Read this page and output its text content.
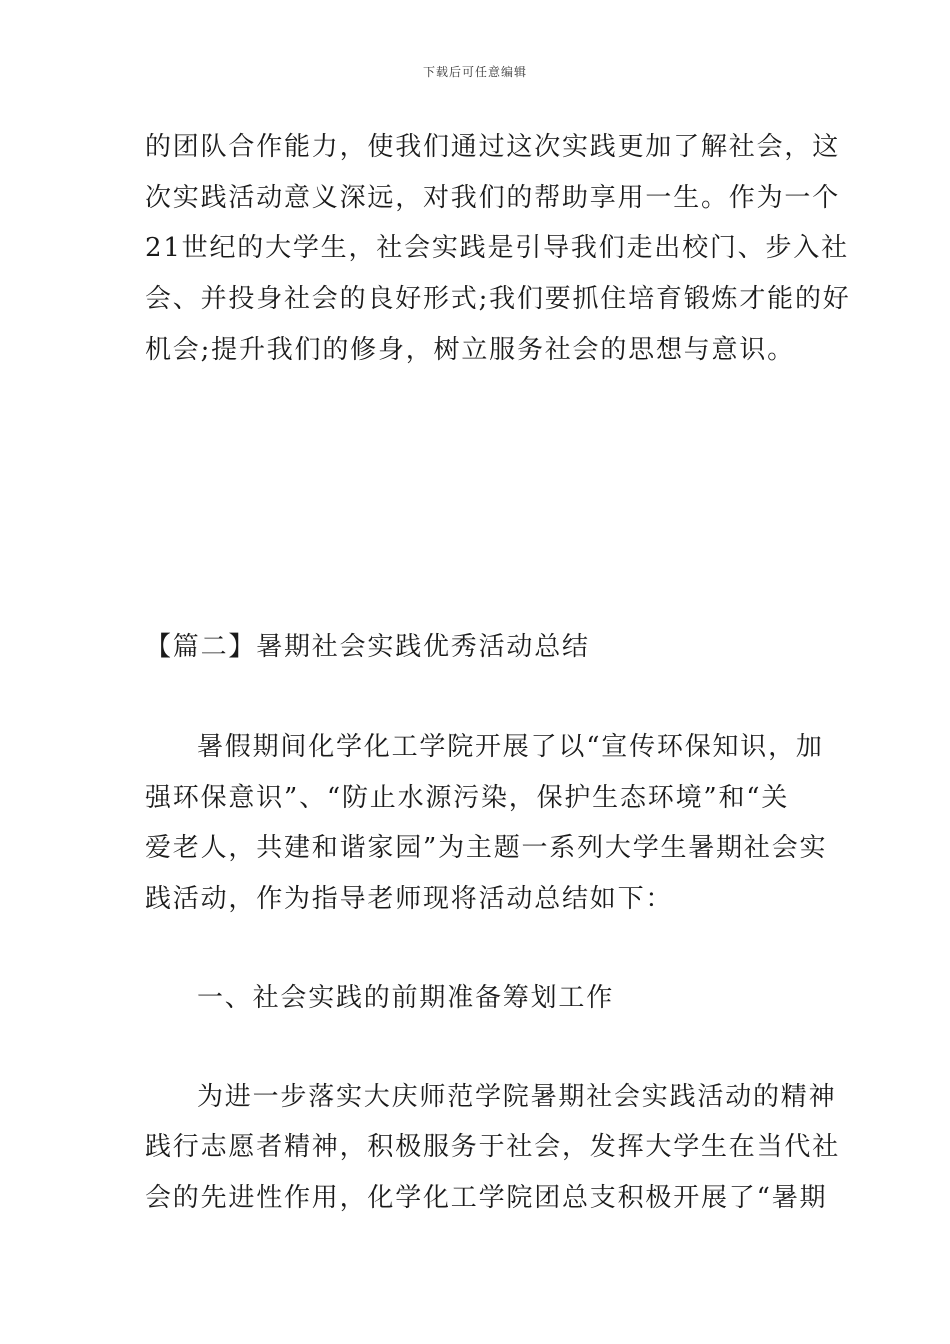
下载后可任意编辑
的团队合作能力，使我们通过这次实践更加了解社会，这
次实践活动意义深远，对我们的帮助享用一生。作为一个
21世纪的大学生，社会实践是引导我们走出校门、步入社
会、并投身社会的良好形式;我们要抓住培育锻炼才能的好
机会;提升我们的修身，树立服务社会的思想与意识。
【篇二】暑期社会实践优秀活动总结
暑假期间化学化工学院开展了以“宣传环保知识，加
强环保意识”、“防止水源污染，保护生态环境”和“关
爱老人，共建和谐家园”为主题一系列大学生暑期社会实
践活动，作为指导老师现将活动总结如下：
一、社会实践的前期准备筹划工作
为进一步落实大庆师范学院暑期社会实践活动的精神
践行志愿者精神，积极服务于社会，发挥大学生在当代社
会的先进性作用，化学化工学院团总支积极开展了“暑期
